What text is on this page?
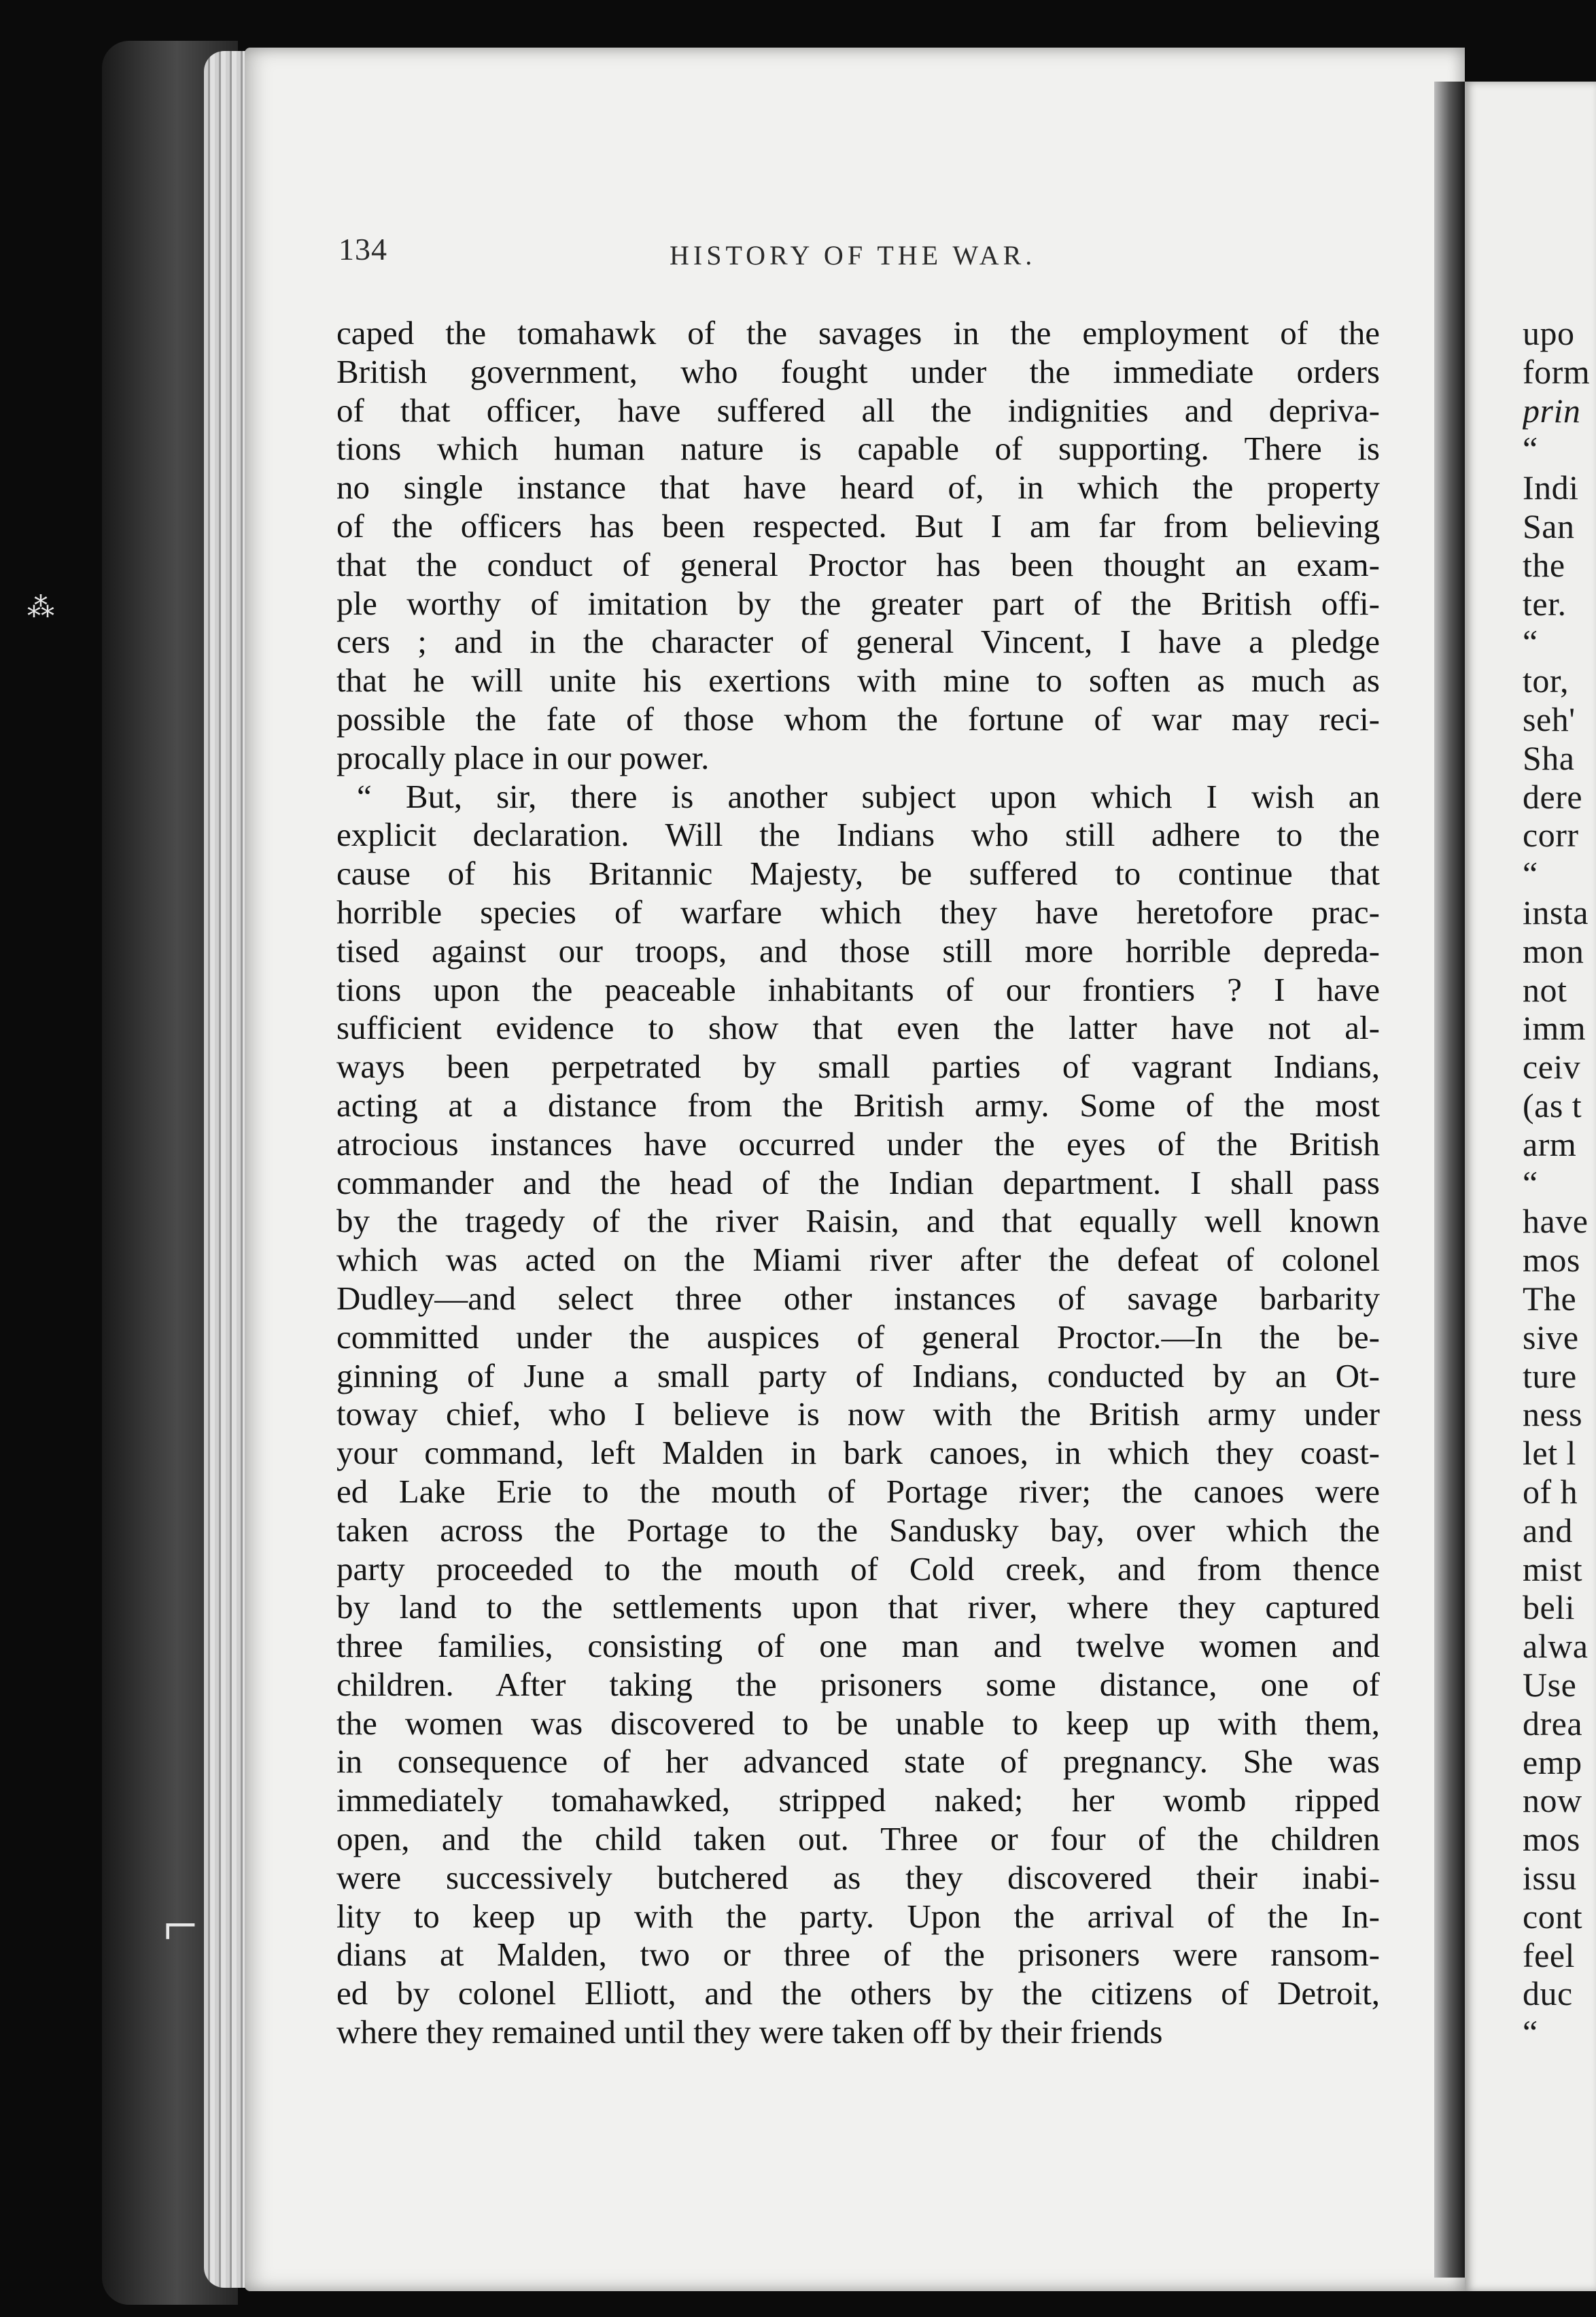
134	HISTORY OF THE WAR.
caped the tomahawk of the savages in the employment of the
British government, who fought under the immediate orders
of that officer, have suffered all the indignities and depriva-
tions which human nature is capable of supporting. There is
no single instance that have heard of, in which the property
of the officers has been respected. But I am far from believing
that the conduct of general Proctor has been thought an exam-
ple worthy of imitation by the greater part of the British offi-
cers ; and in the character of general Vincent, I have a pledge
that he will unite his exertions with mine to soften as much as
possible the fate of those whom the fortune of war may reci-
procally place in our power.
“ But, sir, there is another subject upon which I wish an
explicit declaration. Will the Indians who still adhere to the
cause of his Britannic Majesty, be suffered to continue that
horrible species of warfare which they have heretofore prac-
tised against our troops, and those still more horrible depreda-
tions upon the peaceable inhabitants of our frontiers ? I have
sufficient evidence to show that even the latter have not al-
ways been perpetrated by small parties of vagrant Indians,
acting at a distance from the British army. Some of the most
atrocious instances have occurred under the eyes of the British
commander and the head of the Indian department. I shall pass
by the tragedy of the river Raisin, and that equally well known
which was acted on the Miami river after the defeat of colonel
Dudley—and select three other instances of savage barbarity
committed under the auspices of general Proctor.—In the be-
ginning of June a small party of Indians, conducted by an Ot-
toway chief, who I believe is now with the British army under
your command, left Malden in bark canoes, in which they coast-
ed Lake Erie to the mouth of Portage river; the canoes were
taken across the Portage to the Sandusky bay, over which the
party proceeded to the mouth of Cold creek, and from thence
by land to the settlements upon that river, where they captured
three families, consisting of one man and twelve women and
children. After taking the prisoners some distance, one of
the women was discovered to be unable to keep up with them,
in consequence of her advanced state of pregnancy. She was
immediately tomahawked, stripped naked; her womb ripped
open, and the child taken out. Three or four of the children
were successively butchered as they discovered their inabi-
lity to keep up with the party. Upon the arrival of the In-
dians at Malden, two or three of the prisoners were ransom-
ed by colonel Elliott, and the others by the citizens of Detroit,
where they remained until they were taken off by their friends
upo
form
prin
“
Indi
San
the
ter.
“
tor,
seh'
Sha
dere
corr
“
insta
mon
not
imm
ceiv
(as t
arm
“
have
mos
The
sive
ture
ness
let l
of h
and
mist
beli
alwa
Use
drea
emp
now
mos
issu
cont
feel
duc
“
⁂
⌐
